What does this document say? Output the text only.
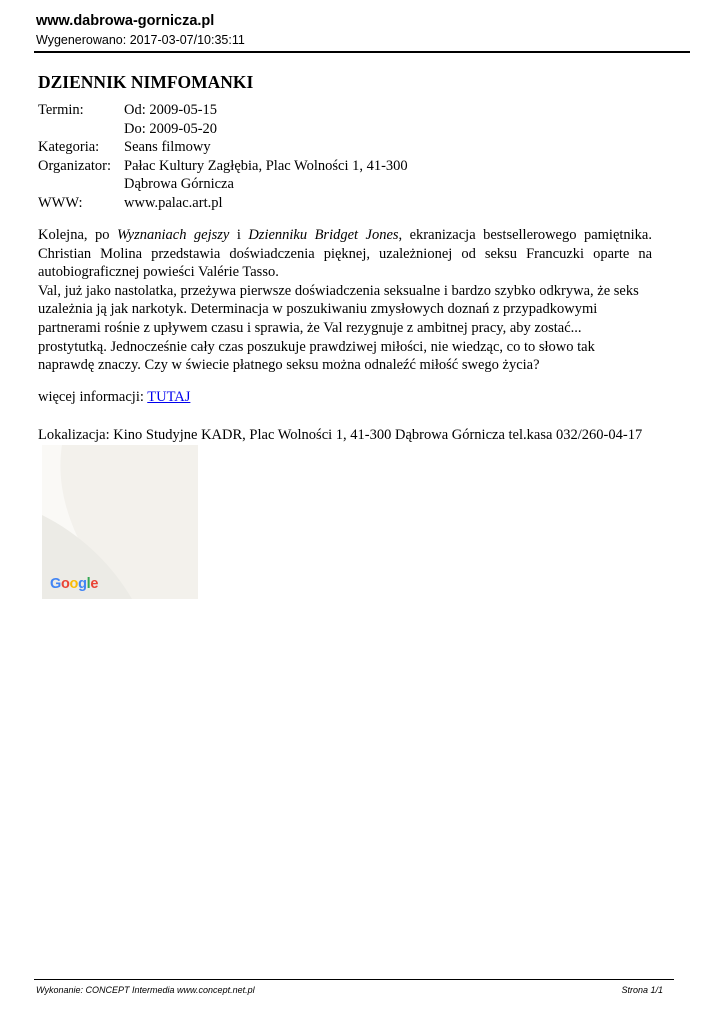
www.dabrowa-gornicza.pl
Wygenerowano: 2017-03-07/10:35:11
DZIENNIK NIMFOMANKI
Termin:	Od: 2009-05-15
Do: 2009-05-20
Kategoria:	Seans filmowy
Organizator: Pałac Kultury Zagłębia, Plac Wolności 1, 41-300
Dąbrowa Górnicza
WWW:	www.palac.art.pl

Kolejna, po Wyznaniach gejszy i Dzienniku Bridget Jones, ekranizacja bestsellerowego pamiętnika. Christian Molina przedstawia doświadczenia pięknej, uzależnionej od seksu Francuzki oparte na autobiograficznej powieści Valérie Tasso.

Val, już jako nastolatka, przeżywa pierwsze doświadczenia seksualne i bardzo szybko odkrywa, że seks uzależnia ją jak narkotyk. Determinacja w poszukiwaniu zmysłowych doznań z przypadkowymi partnerami rośnie z upływem czasu i sprawia, że Val rezygnuje z ambitnej pracy, aby zostać... prostytutką. Jednocześnie cały czas poszukuje prawdziwej miłości, nie wiedząc, co to słowo tak naprawdę znaczy. Czy w świecie płatnego seksu można odnaleźć miłość swego życia?

więcej informacji: TUTAJ
Lokalizacja: Kino Studyjne KADR, Plac Wolności 1, 41-300 Dąbrowa Górnicza tel.kasa 032/260-04-17
Google
Wykonanie: CONCEPT Intermedia www.concept.net.pl	Strona 1/1
